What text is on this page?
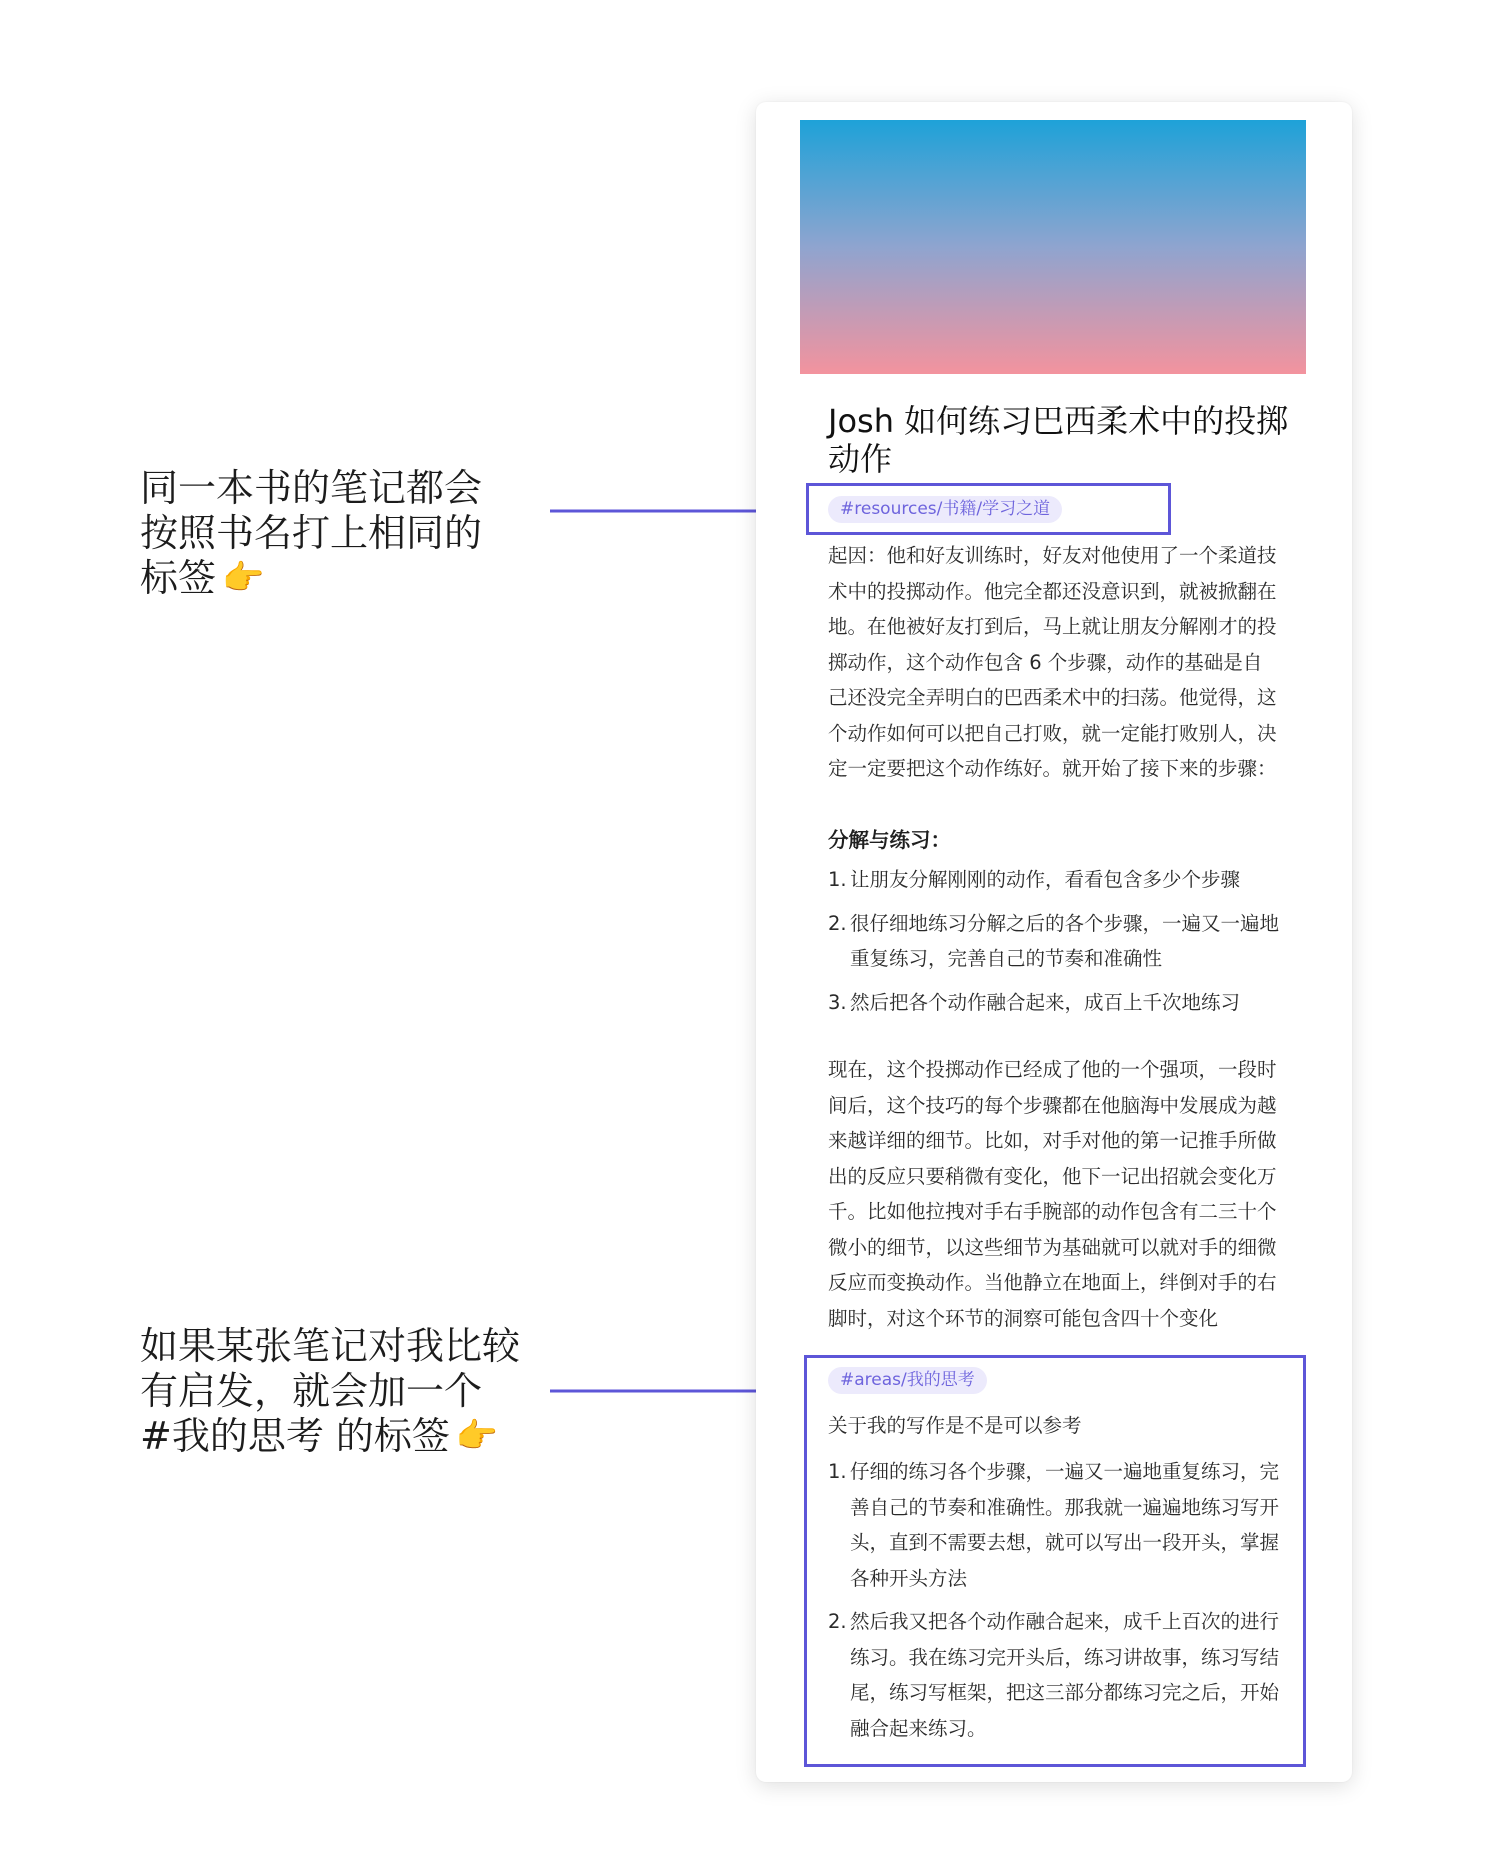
同一本书的笔记都会
按照书名打上相同的
标签 👉
如果某张笔记对我比较
有启发，就会加一个
#我的思考 的标签 👉
Josh 如何练习巴西柔术中的投掷动作
#resources/书籍/学习之道
起因：他和好友训练时，好友对他使用了一个柔道技术中的投掷动作。他完全都还没意识到，就被掀翻在地。在他被好友打到后，马上就让朋友分解刚才的投掷动作，这个动作包含 6 个步骤，动作的基础是自己还没完全弄明白的巴西柔术中的扫荡。他觉得，这个动作如何可以把自己打败，就一定能打败别人，决定一定要把这个动作练好。就开始了接下来的步骤：
分解与练习：
1. 让朋友分解刚刚的动作，看看包含多少个步骤
2. 很仔细地练习分解之后的各个步骤，一遍又一遍地重复练习，完善自己的节奏和准确性
3. 然后把各个动作融合起来，成百上千次地练习
现在，这个投掷动作已经成了他的一个强项，一段时间后，这个技巧的每个步骤都在他脑海中发展成为越来越详细的细节。比如，对手对他的第一记推手所做出的反应只要稍微有变化，他下一记出招就会变化万千。比如他拉拽对手右手腕部的动作包含有二三十个微小的细节，以这些细节为基础就可以就对手的细微反应而变换动作。当他静立在地面上，绊倒对手的右脚时，对这个环节的洞察可能包含四十个变化
#areas/我的思考
关于我的写作是不是可以参考
1. 仔细的练习各个步骤，一遍又一遍地重复练习，完善自己的节奏和准确性。那我就一遍遍地练习写开头，直到不需要去想，就可以写出一段开头，掌握各种开头方法
2. 然后我又把各个动作融合起来，成千上百次的进行练习。我在练习完开头后，练习讲故事，练习写结尾，练习写框架，把这三部分都练习完之后，开始融合起来练习。
